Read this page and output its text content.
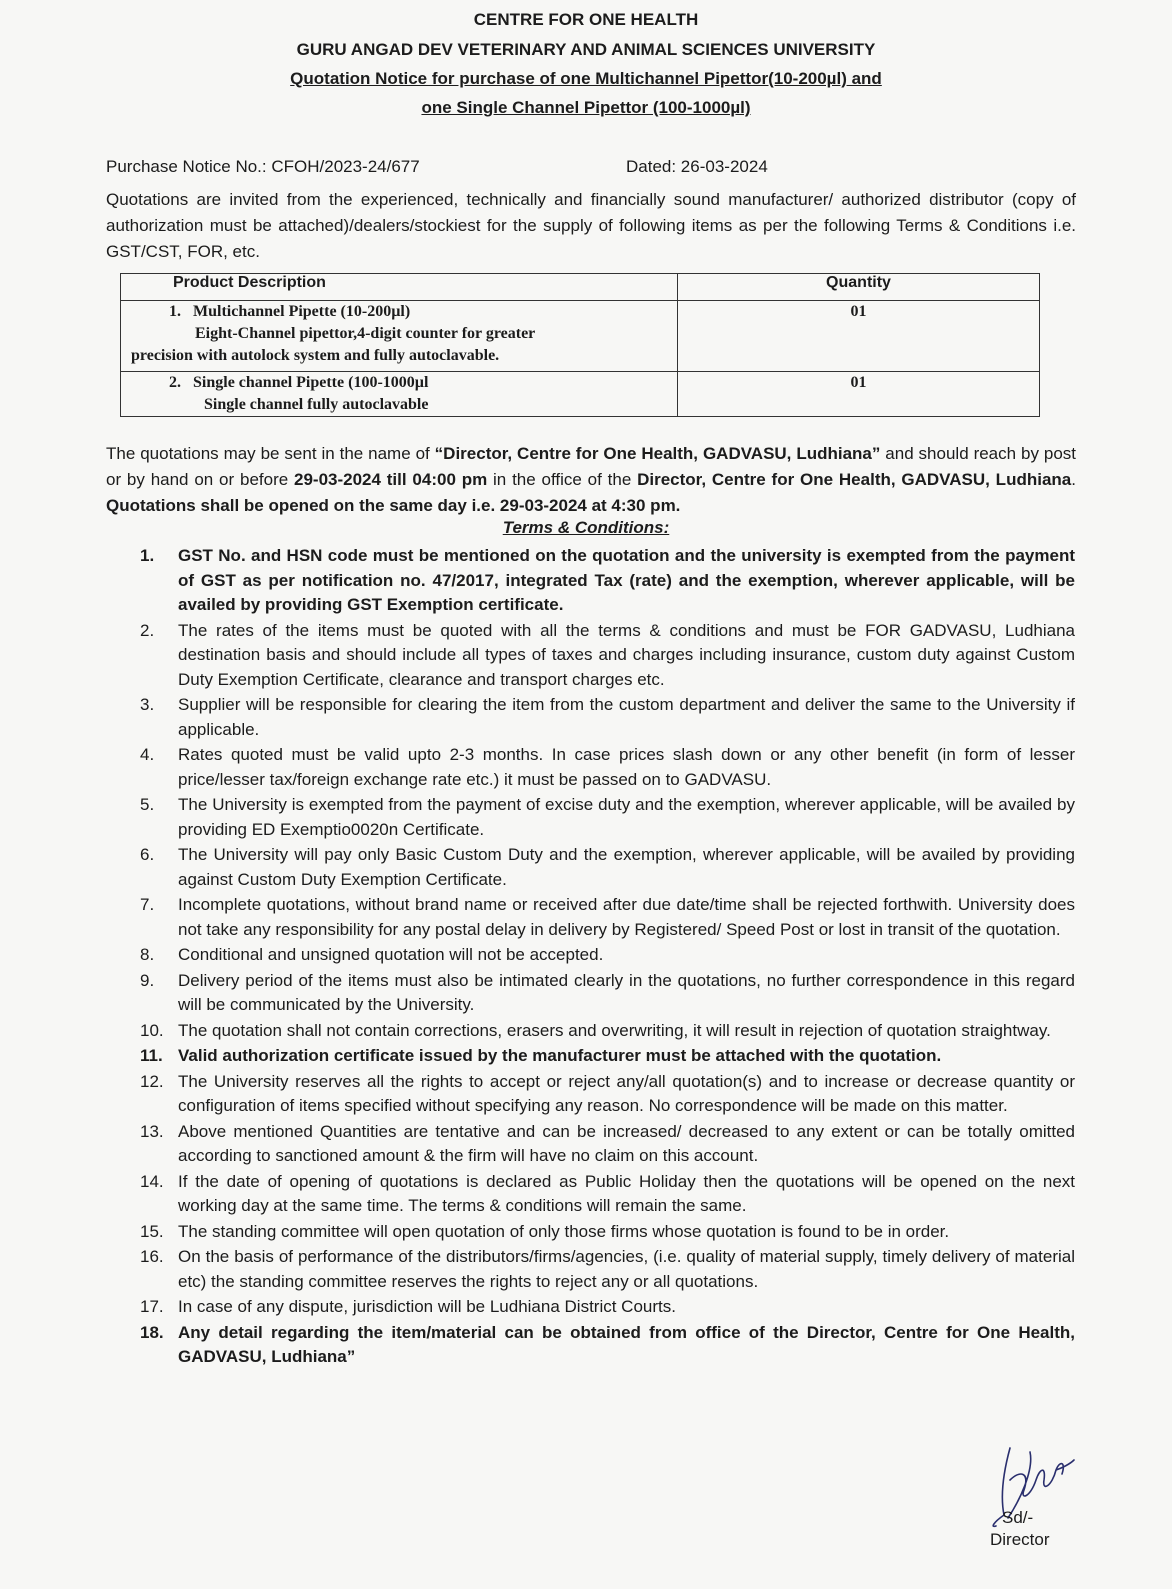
CENTRE FOR ONE HEALTH
GURU ANGAD DEV VETERINARY AND ANIMAL SCIENCES UNIVERSITY
Quotation Notice for purchase of one Multichannel Pipettor(10-200µl) and
one Single Channel Pipettor (100-1000µl)
Purchase Notice No.: CFOH/2023-24/677	Dated: 26-03-2024
Quotations are invited from the experienced, technically and financially sound manufacturer/ authorized distributor (copy of authorization must be attached)/dealers/stockiest for the supply of following items as per the following Terms & Conditions i.e. GST/CST, FOR, etc.
Product Description	Quantity

1. Multichannel Pipette (10-200µl)
Eight-Channel pipettor,4-digit counter for greater
precision with autolock system and fully autoclavable.	01

2. Single channel Pipette (100-1000µl
Single channel fully autoclavable	01
The quotations may be sent in the name of “Director, Centre for One Health, GADVASU, Ludhiana” and should reach by post or by hand on or before 29-03-2024 till 04:00 pm in the office of the Director, Centre for One Health, GADVASU, Ludhiana. Quotations shall be opened on the same day i.e. 29-03-2024 at 4:30 pm.
Terms & Conditions:
1. GST No. and HSN code must be mentioned on the quotation and the university is exempted from the payment of GST as per notification no. 47/2017, integrated Tax (rate) and the exemption, wherever applicable, will be availed by providing GST Exemption certificate.
2. The rates of the items must be quoted with all the terms & conditions and must be FOR GADVASU, Ludhiana destination basis and should include all types of taxes and charges including insurance, custom duty against Custom Duty Exemption Certificate, clearance and transport charges etc.
3. Supplier will be responsible for clearing the item from the custom department and deliver the same to the University if applicable.
4. Rates quoted must be valid upto 2-3 months. In case prices slash down or any other benefit (in form of lesser price/lesser tax/foreign exchange rate etc.) it must be passed on to GADVASU.
5. The University is exempted from the payment of excise duty and the exemption, wherever applicable, will be availed by providing ED Exemptio0020n Certificate.
6. The University will pay only Basic Custom Duty and the exemption, wherever applicable, will be availed by providing against Custom Duty Exemption Certificate.
7. Incomplete quotations, without brand name or received after due date/time shall be rejected forthwith. University does not take any responsibility for any postal delay in delivery by Registered/ Speed Post or lost in transit of the quotation.
8. Conditional and unsigned quotation will not be accepted.
9. Delivery period of the items must also be intimated clearly in the quotations, no further correspondence in this regard will be communicated by the University.
10. The quotation shall not contain corrections, erasers and overwriting, it will result in rejection of quotation straightway.
11. Valid authorization certificate issued by the manufacturer must be attached with the quotation.
12. The University reserves all the rights to accept or reject any/all quotation(s) and to increase or decrease quantity or configuration of items specified without specifying any reason. No correspondence will be made on this matter.
13. Above mentioned Quantities are tentative and can be increased/ decreased to any extent or can be totally omitted according to sanctioned amount & the firm will have no claim on this account.
14. If the date of opening of quotations is declared as Public Holiday then the quotations will be opened on the next working day at the same time. The terms & conditions will remain the same.
15. The standing committee will open quotation of only those firms whose quotation is found to be in order.
16. On the basis of performance of the distributors/firms/agencies, (i.e. quality of material supply, timely delivery of material etc) the standing committee reserves the rights to reject any or all quotations.
17. In case of any dispute, jurisdiction will be Ludhiana District Courts.
18. Any detail regarding the item/material can be obtained from office of the Director, Centre for One Health, GADVASU, Ludhiana”
Sd/-
Director
